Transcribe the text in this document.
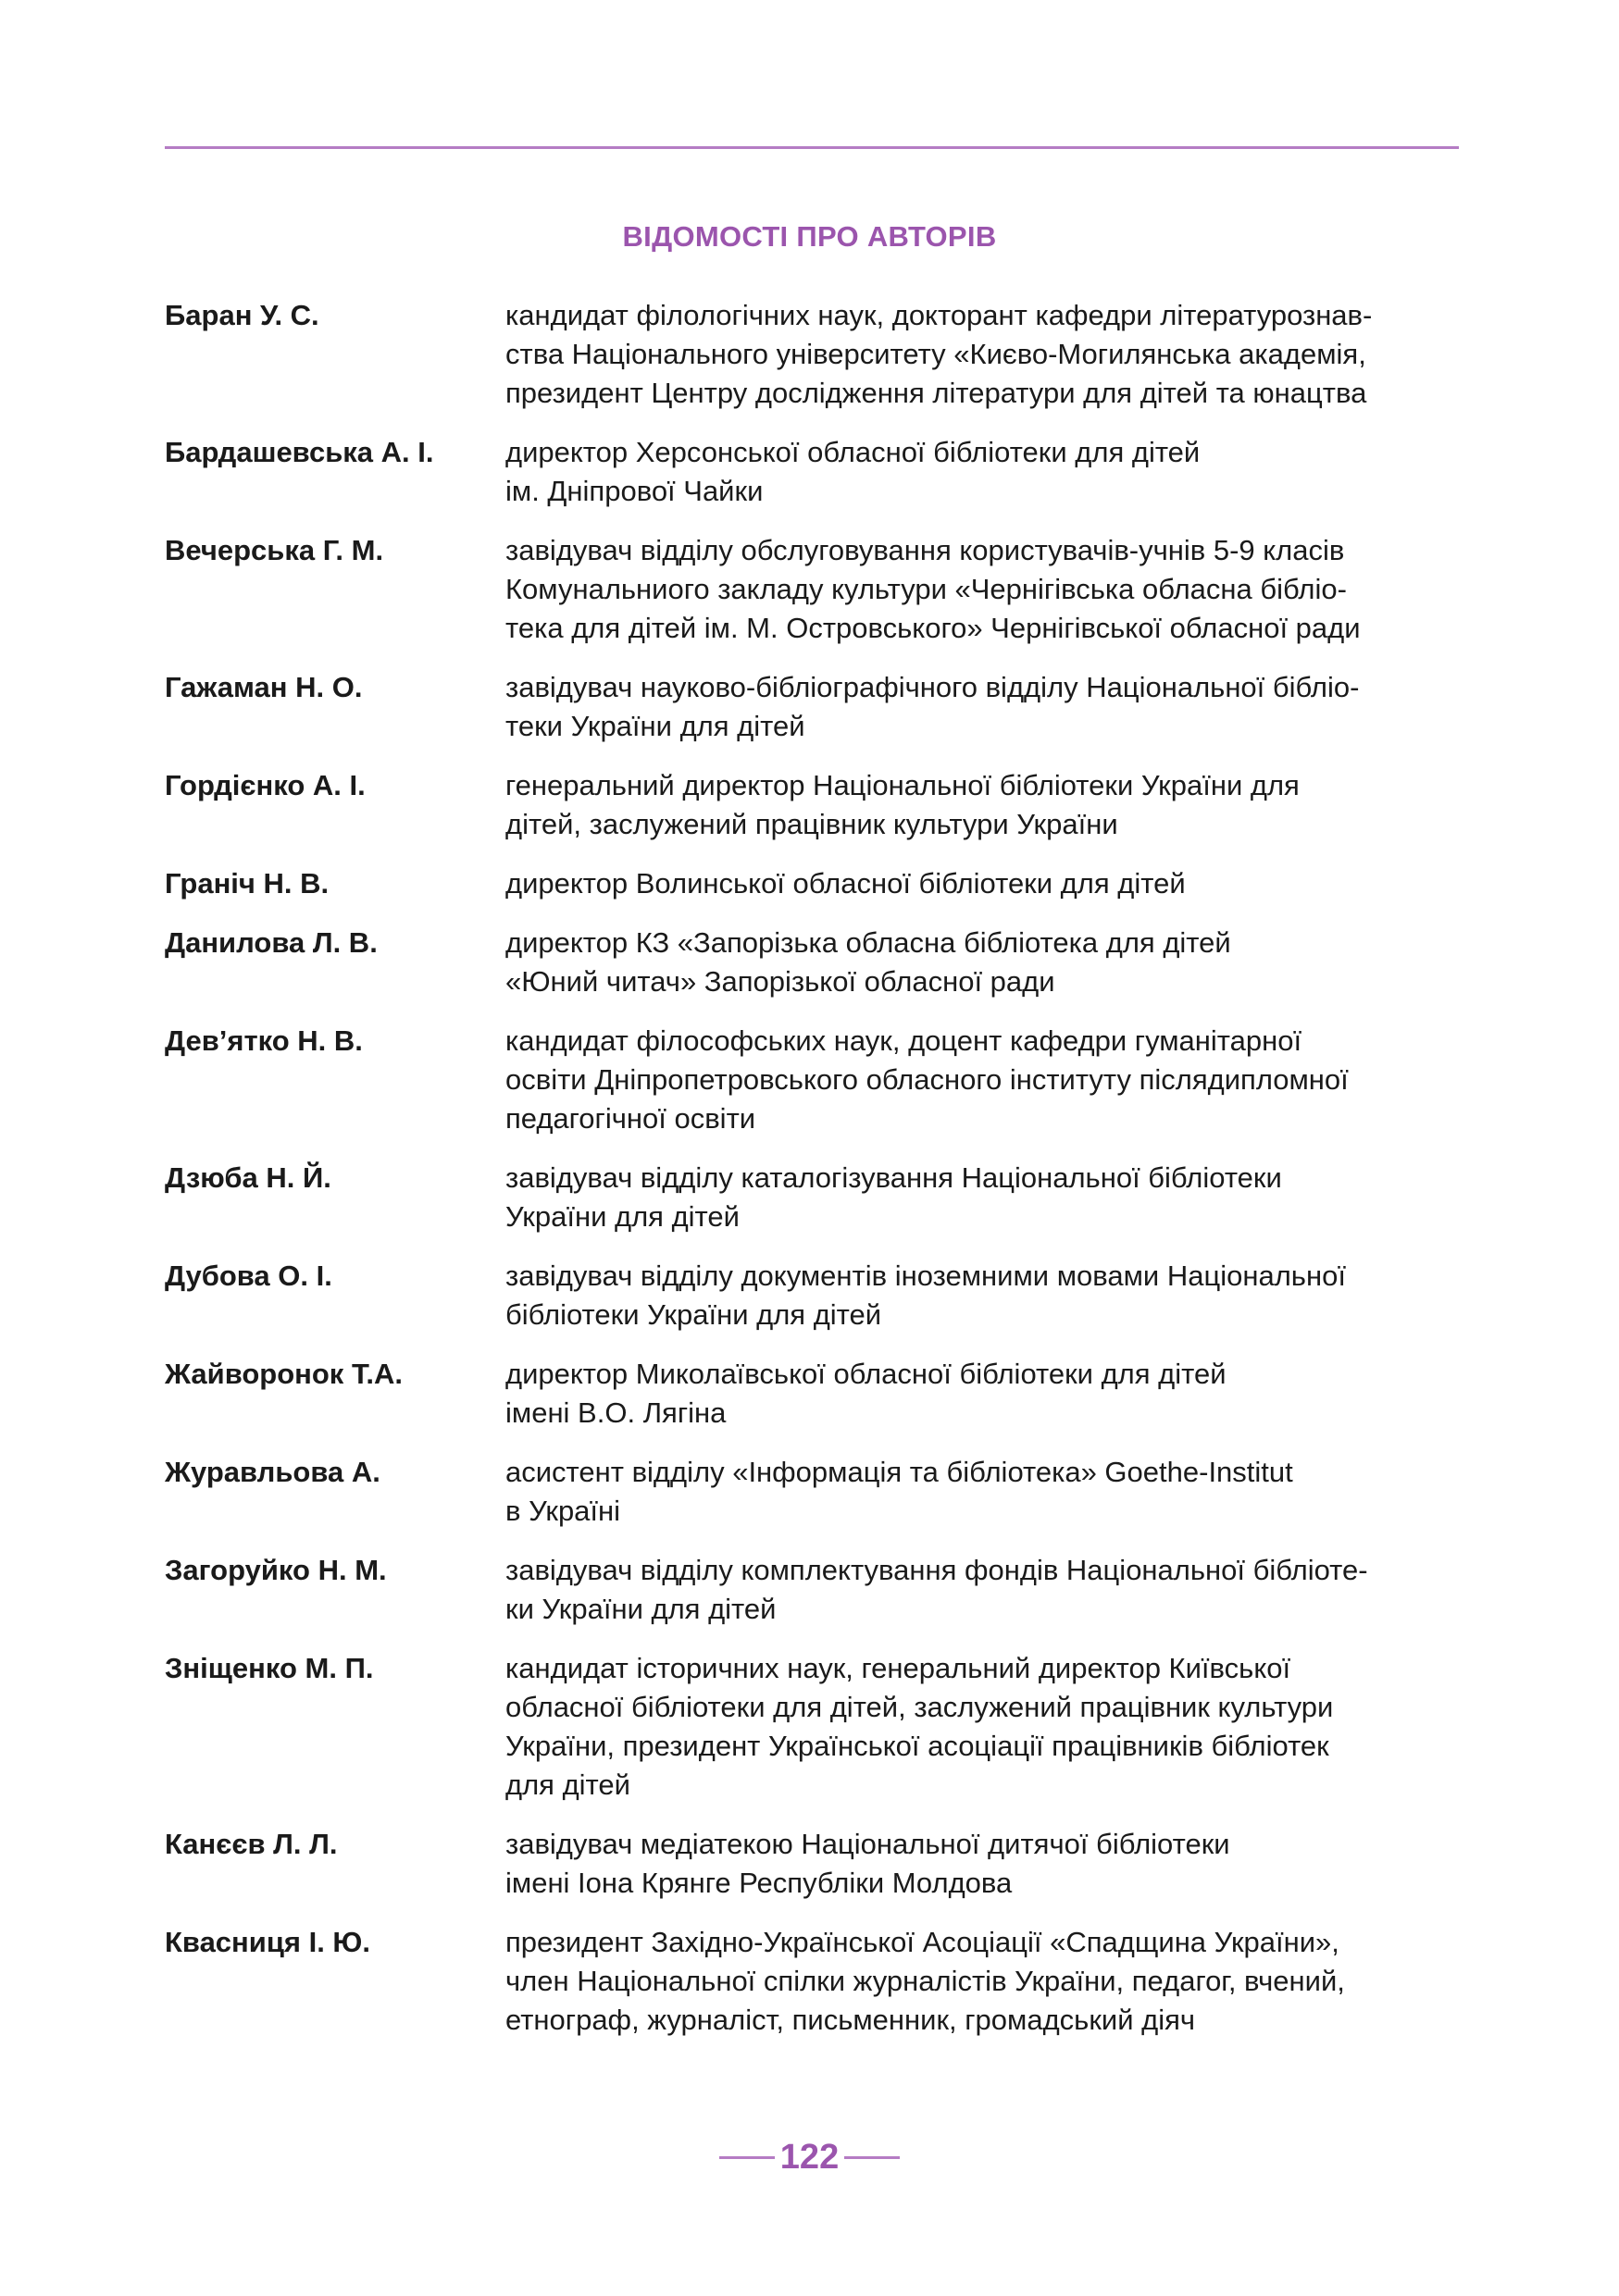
ВІДОМОСТІ ПРО АВТОРІВ
Баран У. С.	кандидат філологічних наук, докторант кафедри літературознав-
ства Національного університету «Києво-Могилянська академія,
президент Центру дослідження літератури для дітей та юнацтва
Бардашевська А. І.	директор Херсонської обласної бібліотеки для дітей
ім. Дніпрової Чайки
Вечерська Г. М.	завідувач відділу обслуговування користувачів-учнів 5-9 класів
Комунальниого закладу культури «Чернігівська обласна бібліо-
тека для дітей ім. М. Островського» Чернігівської обласної ради
Гажаман Н. О.	завідувач науково-бібліографічного відділу Національної бібліо-
теки України для дітей
Гордієнко А. І.	генеральний директор Національної бібліотеки України для
дітей, заслужений працівник культури України
Граніч Н. В.	директор Волинської обласної бібліотеки для дітей
Данилова Л. В.	директор КЗ «Запорізька обласна бібліотека для дітей
«Юний читач» Запорізької обласної ради
Дев’ятко Н. В.	кандидат філософських наук, доцент кафедри гуманітарної
освіти Дніпропетровського обласного інституту післядипломної
педагогічної освіти
Дзюба Н. Й.	завідувач відділу каталогізування Національної бібліотеки
України для дітей
Дубова О. І.	завідувач відділу документів іноземними мовами Національної
бібліотеки України для дітей
Жайворонок Т.А.	директор Миколаївської обласної бібліотеки для дітей
імені В.О. Лягіна
Журавльова А.	асистент відділу «Інформація та бібліотека» Goethe-Institut
в Україні
Загоруйко Н. М.	завідувач відділу комплектування фондів Національної бібліоте-
ки України для дітей
Зніщенко М. П.	кандидат історичних наук, генеральний директор Київської
обласної бібліотеки для дітей, заслужений працівник культури
України, президент Української асоціації працівників бібліотек
для дітей
Канєєв Л. Л.	завідувач медіатекою Національної дитячої бібліотеки
імені Іона Крянге Республіки Молдова
Квасниця І. Ю.	президент Західно-Української Асоціації «Спадщина України»,
член Національної спілки журналістів України, педагог, вчений,
етнограф, журналіст, письменник, громадський діяч
122
